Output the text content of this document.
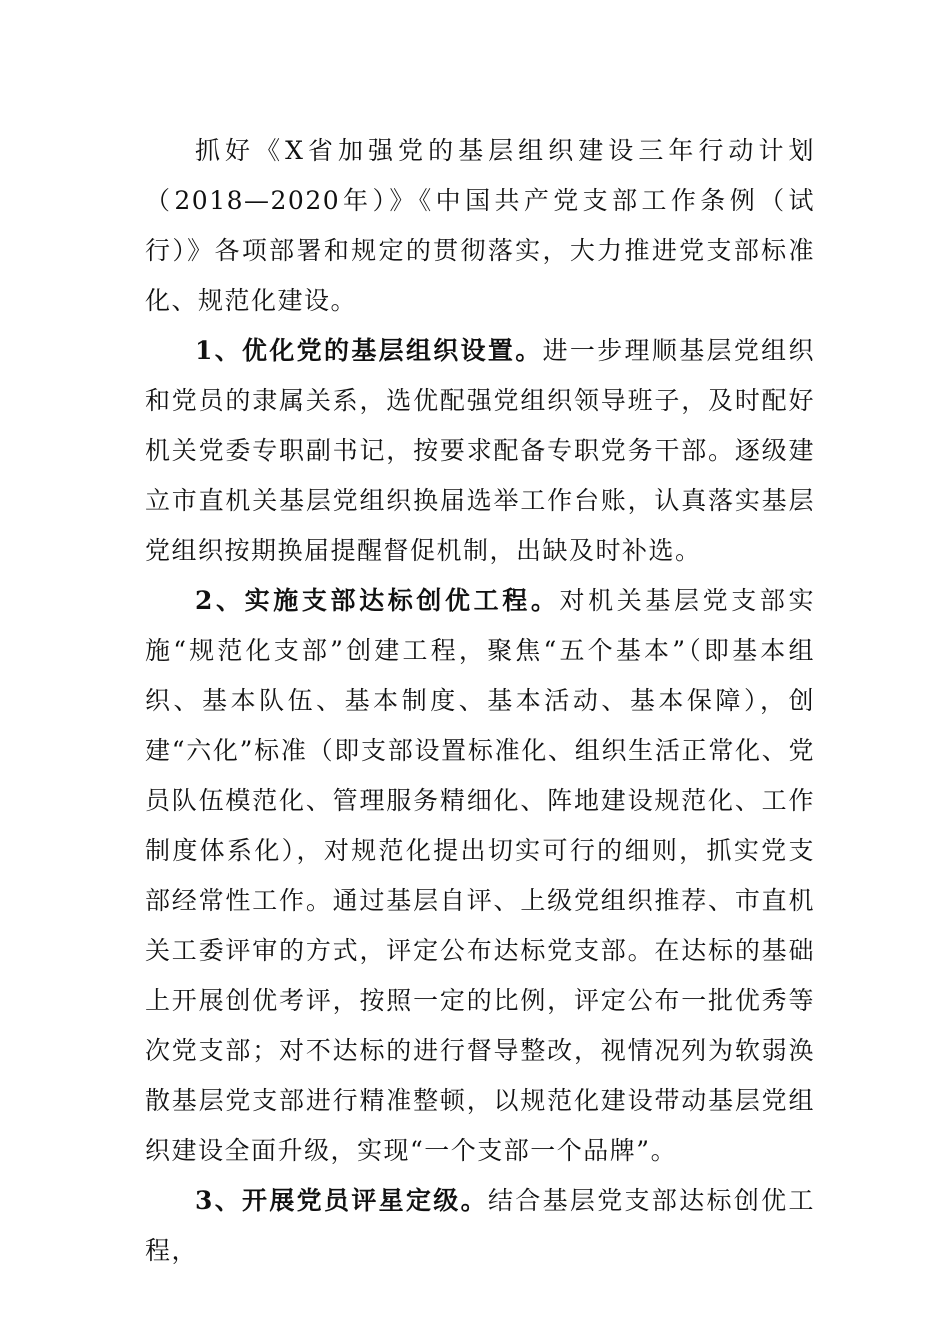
抓好《X省加强党的基层组织建设三年行动计划（2018—2020年）》《中国共产党支部工作条例（试行）》各项部署和规定的贯彻落实，大力推进党支部标准化、规范化建设。

1、优化党的基层组织设置。进一步理顺基层党组织和党员的隶属关系，选优配强党组织领导班子，及时配好机关党委专职副书记，按要求配备专职党务干部。逐级建立市直机关基层党组织换届选举工作台账，认真落实基层党组织按期换届提醒督促机制，出缺及时补选。

2、实施支部达标创优工程。对机关基层党支部实施“规范化支部”创建工程，聚焦“五个基本”（即基本组织、基本队伍、基本制度、基本活动、基本保障），创建“六化”标准（即支部设置标准化、组织生活正常化、党员队伍模范化、管理服务精细化、阵地建设规范化、工作制度体系化），对规范化提出切实可行的细则，抓实党支部经常性工作。通过基层自评、上级党组织推荐、市直机关工委评审的方式，评定公布达标党支部。在达标的基础上开展创优考评，按照一定的比例，评定公布一批优秀等次党支部；对不达标的进行督导整改，视情况列为软弱涣散基层党支部进行精准整顿，以规范化建设带动基层党组织建设全面升级，实现“一个支部一个品牌”。

3、开展党员评星定级。结合基层党支部达标创优工程，
